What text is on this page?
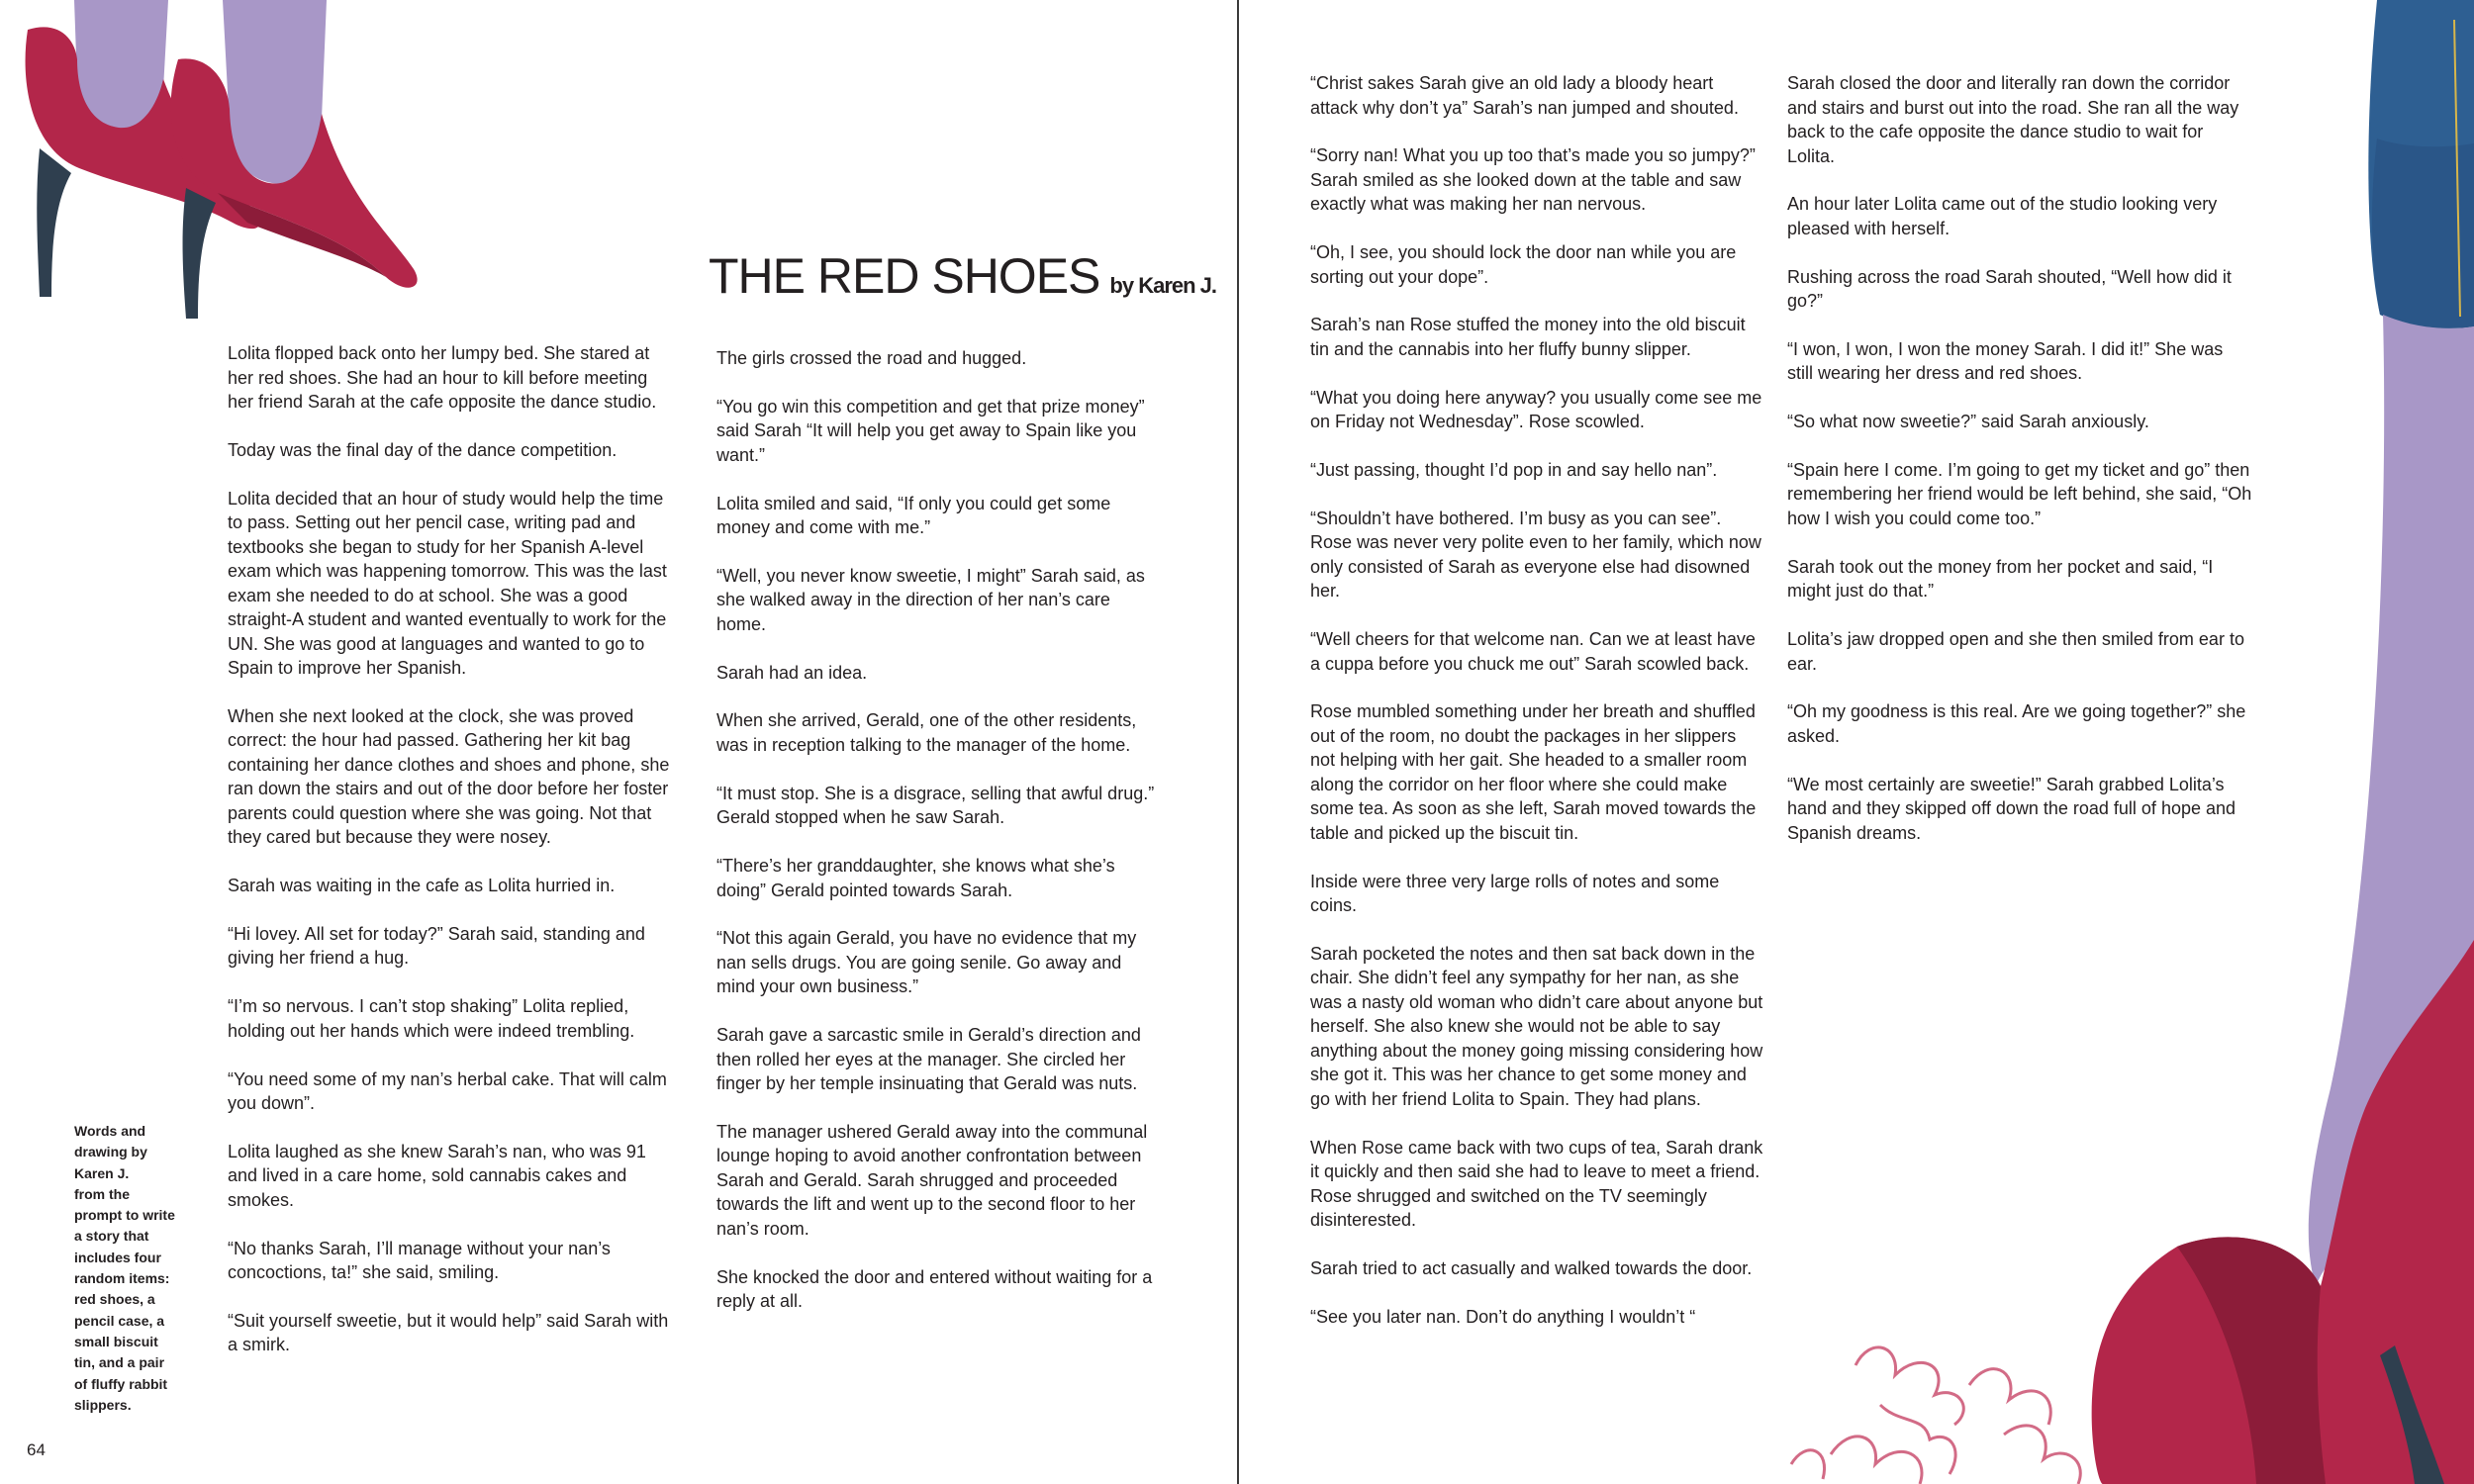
THE RED SHOES by Karen J.

Lolita flopped back onto her lumpy bed. She stared at her red shoes. She had an hour to kill before meeting her friend Sarah at the cafe opposite the dance studio.

Today was the final day of the dance competition.

Lolita decided that an hour of study would help the time to pass. Setting out her pencil case, writing pad and textbooks she began to study for her Spanish A-level exam which was happening tomorrow. This was the last exam she needed to do at school. She was a good straight-A student and wanted eventually to work for the UN. She was good at languages and wanted to go to Spain to improve her Spanish.

When she next looked at the clock, she was proved correct: the hour had passed. Gathering her kit bag containing her dance clothes and shoes and phone, she ran down the stairs and out of the door before her foster parents could question where she was going. Not that they cared but because they were nosey.

Sarah was waiting in the cafe as Lolita hurried in.

“Hi lovey. All set for today?” Sarah said, standing and giving her friend a hug.

“I’m so nervous. I can’t stop shaking” Lolita replied, holding out her hands which were indeed trembling.

“You need some of my nan’s herbal cake. That will calm you down”.

Lolita laughed as she knew Sarah’s nan, who was 91 and lived in a care home, sold cannabis cakes and smokes.

“No thanks Sarah, I’ll manage without your nan’s concoctions, ta!” she said, smiling.

“Suit yourself sweetie, but it would help” said Sarah with a smirk.

The girls crossed the road and hugged.

“You go win this competition and get that prize money” said Sarah “It will help you get away to Spain like you want.”

Lolita smiled and said, “If only you could get some money and come with me.”

“Well, you never know sweetie, I might” Sarah said, as she walked away in the direction of her nan’s care home.

Sarah had an idea.

When she arrived, Gerald, one of the other residents, was in reception talking to the manager of the home.

“It must stop. She is a disgrace, selling that awful drug.” Gerald stopped when he saw Sarah.

“There’s her granddaughter, she knows what she’s doing” Gerald pointed towards Sarah.

“Not this again Gerald, you have no evidence that my nan sells drugs. You are going senile. Go away and mind your own business.”

Sarah gave a sarcastic smile in Gerald’s direction and then rolled her eyes at the manager. She circled her finger by her temple insinuating that Gerald was nuts.

The manager ushered Gerald away into the communal lounge hoping to avoid another confrontation between Sarah and Gerald. Sarah shrugged and proceeded towards the lift and went up to the second floor to her nan’s room.

She knocked the door and entered without waiting for a reply at all.

“Christ sakes Sarah give an old lady a bloody heart attack why don’t ya” Sarah’s nan jumped and shouted.

“Sorry nan! What you up too that’s made you so jumpy?” Sarah smiled as she looked down at the table and saw exactly what was making her nan nervous.

“Oh, I see, you should lock the door nan while you are sorting out your dope”.

Sarah’s nan Rose stuffed the money into the old biscuit tin and the cannabis into her fluffy bunny slipper.

“What you doing here anyway? you usually come see me on Friday not Wednesday”. Rose scowled.

“Just passing, thought I’d pop in and say hello nan”.

“Shouldn’t have bothered. I’m busy as you can see”. Rose was never very polite even to her family, which now only consisted of Sarah as everyone else had disowned her.

“Well cheers for that welcome nan. Can we at least have a cuppa before you chuck me out” Sarah scowled back.

Rose mumbled something under her breath and shuffled out of the room, no doubt the packages in her slippers not helping with her gait. She headed to a smaller room along the corridor on her floor where she could make some tea. As soon as she left, Sarah moved towards the table and picked up the biscuit tin.

Inside were three very large rolls of notes and some coins.

Sarah pocketed the notes and then sat back down in the chair. She didn’t feel any sympathy for her nan, as she was a nasty old woman who didn’t care about anyone but herself. She also knew she would not be able to say anything about the money going missing considering how she got it. This was her chance to get some money and go with her friend Lolita to Spain. They had plans.

When Rose came back with two cups of tea, Sarah drank it quickly and then said she had to leave to meet a friend. Rose shrugged and switched on the TV seemingly disinterested.

Sarah tried to act casually and walked towards the door.

“See you later nan. Don’t do anything I wouldn’t “

Sarah closed the door and literally ran down the corridor and stairs and burst out into the road. She ran all the way back to the cafe opposite the dance studio to wait for Lolita.

An hour later Lolita came out of the studio looking very pleased with herself.

Rushing across the road Sarah shouted, “Well how did it go?”

“I won, I won, I won the money Sarah. I did it!” She was still wearing her dress and red shoes.

“So what now sweetie?” said Sarah anxiously.

“Spain here I come. I’m going to get my ticket and go” then remembering her friend would be left behind, she said, “Oh how I wish you could come too.”

Sarah took out the money from her pocket and said, “I might just do that.”

Lolita’s jaw dropped open and she then smiled from ear to ear.

“Oh my goodness is this real. Are we going together?” she asked.

“We most certainly are sweetie!” Sarah grabbed Lolita’s hand and they skipped off down the road full of hope and Spanish dreams.

Words and
drawing by
Karen J.
from the
prompt to write
a story that
includes four
random items:
red shoes, a
pencil case, a
small biscuit
tin, and a pair
of fluffy rabbit
slippers.
64
